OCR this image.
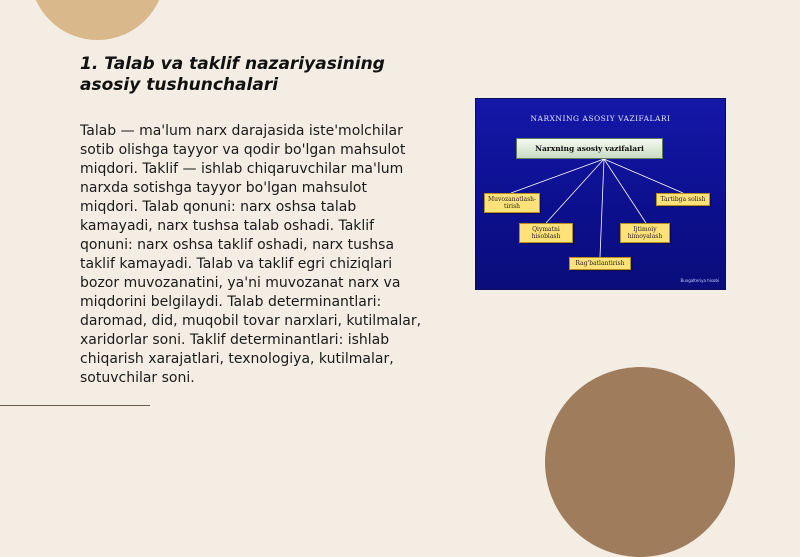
1. Talab va taklif nazariyasining asosiy tushunchalari

Talab — ma'lum narx darajasida iste'molchilar sotib olishga tayyor va qodir bo'lgan mahsulot miqdori. Taklif — ishlab chiqaruvchilar ma'lum narxda sotishga tayyor bo'lgan mahsulot miqdori. Talab qonuni: narx oshsa talab kamayadi, narx tushsa talab oshadi. Taklif qonuni: narx oshsa taklif oshadi, narx tushsa taklif kamayadi. Talab va taklif egri chiziqlari bozor muvozanatini, ya'ni muvozanat narx va miqdorini belgilaydi. Talab determinantlari: daromad, did, muqobil tovar narxlari, kutilmalar, xaridorlar soni. Taklif determinantlari: ishlab chiqarish xarajatlari, texnologiya, kutilmalar, sotuvchilar soni.

NARXNING ASOSIY VAZIFALARI
Narxning asosiy vazifalari
Muvozanatlash-tirish
Qiymatni hisoblash
Rag'batlantirish
Ijtimoiy himoyalash
Tartibga solish
Buxgalteriya hisobi
